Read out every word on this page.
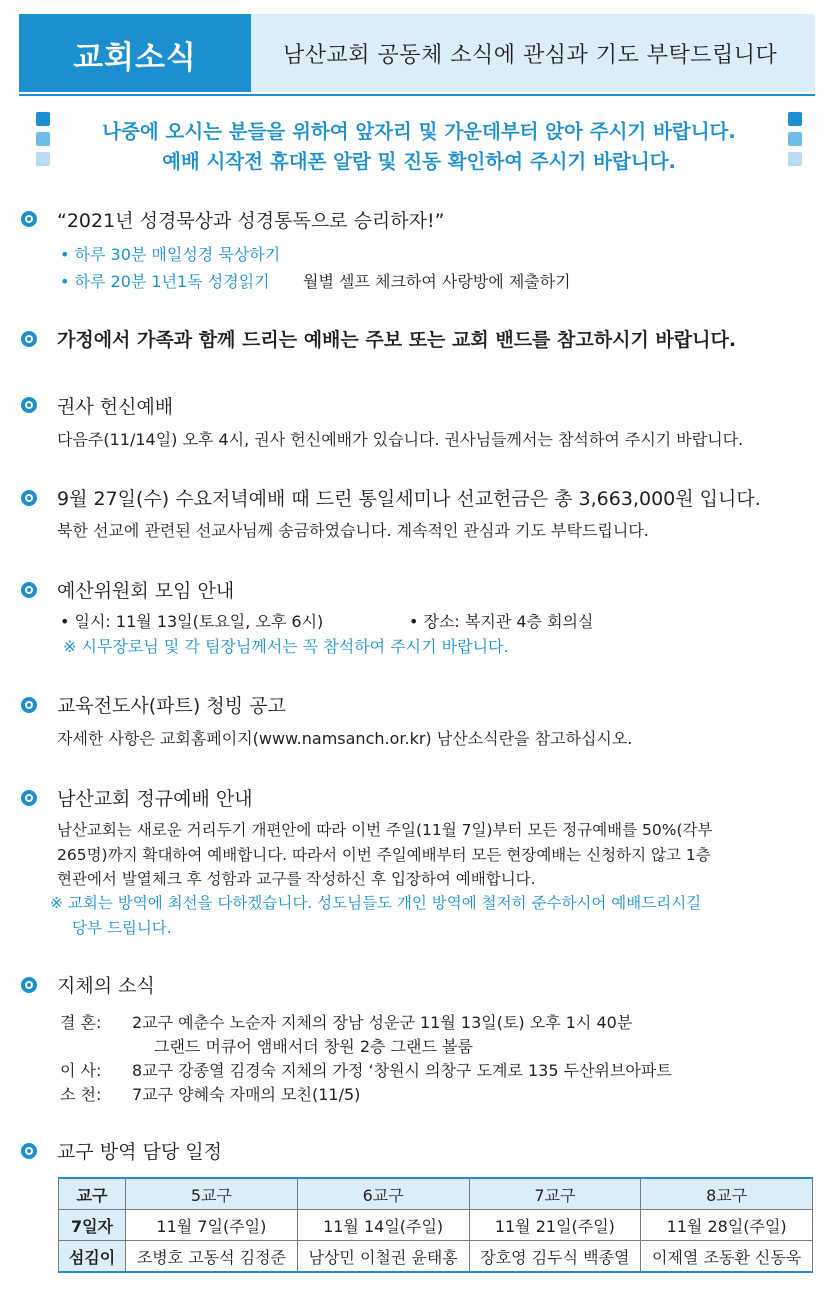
교회소식	남산교회 공동체 소식에 관심과 기도 부탁드립니다
나중에 오시는 분들을 위하여 앞자리 및 가운데부터 앉아 주시기 바랍니다.
예배 시작전 휴대폰 알람 및 진동 확인하여 주시기 바랍니다.
“2021년 성경묵상과 성경통독으로 승리하자!”
• 하루 30분 매일성경 묵상하기
• 하루 20분 1년1독 성경읽기 월별 셀프 체크하여 사랑방에 제출하기
가정에서 가족과 함께 드리는 예배는 주보 또는 교회 밴드를 참고하시기 바랍니다.
권사 헌신예배
다음주(11/14일) 오후 4시, 권사 헌신예배가 있습니다. 권사님들께서는 참석하여 주시기 바랍니다.
9월 27일(수) 수요저녁예배 때 드린 통일세미나 선교헌금은 총 3,663,000원 입니다.
북한 선교에 관련된 선교사님께 송금하였습니다. 계속적인 관심과 기도 부탁드립니다.
예산위원회 모임 안내
• 일시: 11월 13일(토요일, 오후 6시)	• 장소: 복지관 4층 회의실
※ 시무장로님 및 각 팀장님께서는 꼭 참석하여 주시기 바랍니다.
교육전도사(파트) 청빙 공고
자세한 사항은 교회홈페이지(www.namsanch.or.kr) 남산소식란을 참고하십시오.
남산교회 정규예배 안내
남산교회는 새로운 거리두기 개편안에 따라 이번 주일(11월 7일)부터 모든 정규예배를 50%(각부
265명)까지 확대하여 예배합니다. 따라서 이번 주일예배부터 모든 현장예배는 신청하지 않고 1층
현관에서 발열체크 후 성함과 교구를 작성하신 후 입장하여 예배합니다.
※ 교회는 방역에 최선을 다하겠습니다. 성도님들도 개인 방역에 철저히 준수하시어 예배드리시길
당부 드립니다.
지체의 소식
결 혼: 2교구 예춘수 노순자 지체의 장남 성운군 11월 13일(토) 오후 1시 40분
그랜드 머큐어 앰배서더 창원 2층 그랜드 볼룸
이 사: 8교구 강종열 김경숙 지체의 가정 ‘창원시 의창구 도계로 135 두산위브아파트
소 천: 7교구 양혜숙 자매의 모친(11/5)
교구 방역 담당 일정
교구	5교구	6교구	7교구	8교구
7일자	11월 7일(주일)	11월 14일(주일)	11월 21일(주일)	11월 28일(주일)
섬김이	조병호 고동석 김정준	남상민 이철권 윤태홍	장호영 김두식 백종열	이제열 조동환 신동욱
